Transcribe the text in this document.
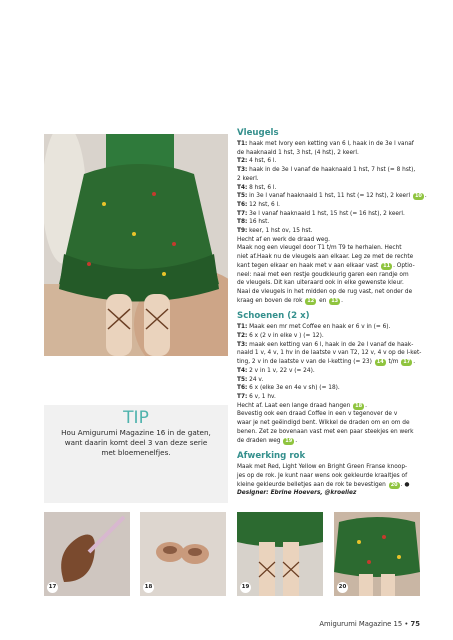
TIP
Hou Amigurumi Magazine 16 in de gaten, want daarin komt deel 3 van deze serie met bloemenelfjes.
Vleugels
T1: haak met Ivory een ketting van 6 l, haak in de 3e l vanaf
de haaknaald 1 hst, 3 hst, (4 hst), 2 keerl.
T2: 4 hst, 6 l.
T3: haak in de 3e l vanaf de haaknaald 1 hst, 7 hst (= 8 hst),
2 keerl.
T4: 8 hst, 6 l.
T5: in 3e l vanaf haaknaald 1 hst, 11 hst (= 12 hst), 2 keerl 10 .
T6: 12 hst, 6 l.
T7: 3e l vanaf haaknaald 1 hst, 15 hst (= 16 hst), 2 keerl.
T8: 16 hst.
T9: keer, 1 hst ov, 15 hst.
Hecht af en werk de draad weg.
Maak nog een vleugel door T1 t/m T9 te herhalen. Hecht
niet af.Haak nu de vleugels aan elkaar. Leg ze met de rechte
kant tegen elkaar en haak met v aan elkaar vast 11 . Optio-
neel: naai met een restje goudkleurig garen een randje om
de vleugels. Dit kan uiteraard ook in elke gewenste kleur.
Naai de vleugels in het midden op de rug vast, net onder de
kraag en boven de rok 12 en 13 .
Schoenen (2 x)
T1: Maak een mr met Coffee en haak er 6 v in (= 6).
T2: 6 x (2 v in elke v ) (= 12).
T3: maak een ketting van 6 l, haak in de 2e l vanaf de haak-
naald 1 v, 4 v, 1 hv in de laatste v van T2, 12 v, 4 v op de l-ket-
ting, 2 v in de laatste v van de l-ketting (= 23) 14 t/m 17 .
T4: 2 v in 1 v, 22 v (= 24).
T5: 24 v.
T6: 6 x (elke 3e en 4e v sh) (= 18).
T7: 6 v, 1 hv.
Hecht af. Laat een lange draad hangen 18 .
Bevestig ook een draad Coffee in een v tegenover de v
waar je net geëindigd bent. Wikkel de draden om en om de
benen. Zet ze bovenaan vast met een paar steekjes en werk
de draden weg 19 .
Afwerking rok
Maak met Red, Light Yellow en Bright Green Franse knoop-
jes op de rok. Je kunt naar wens ook gekleurde kraaltjes of
kleine gekleurde belletjes aan de rok te bevestigen 20 . ●
Designer: Ebrine Hoevers, @kroeliez
17	18	19	20
Amigurumi Magazine 15 • 75
